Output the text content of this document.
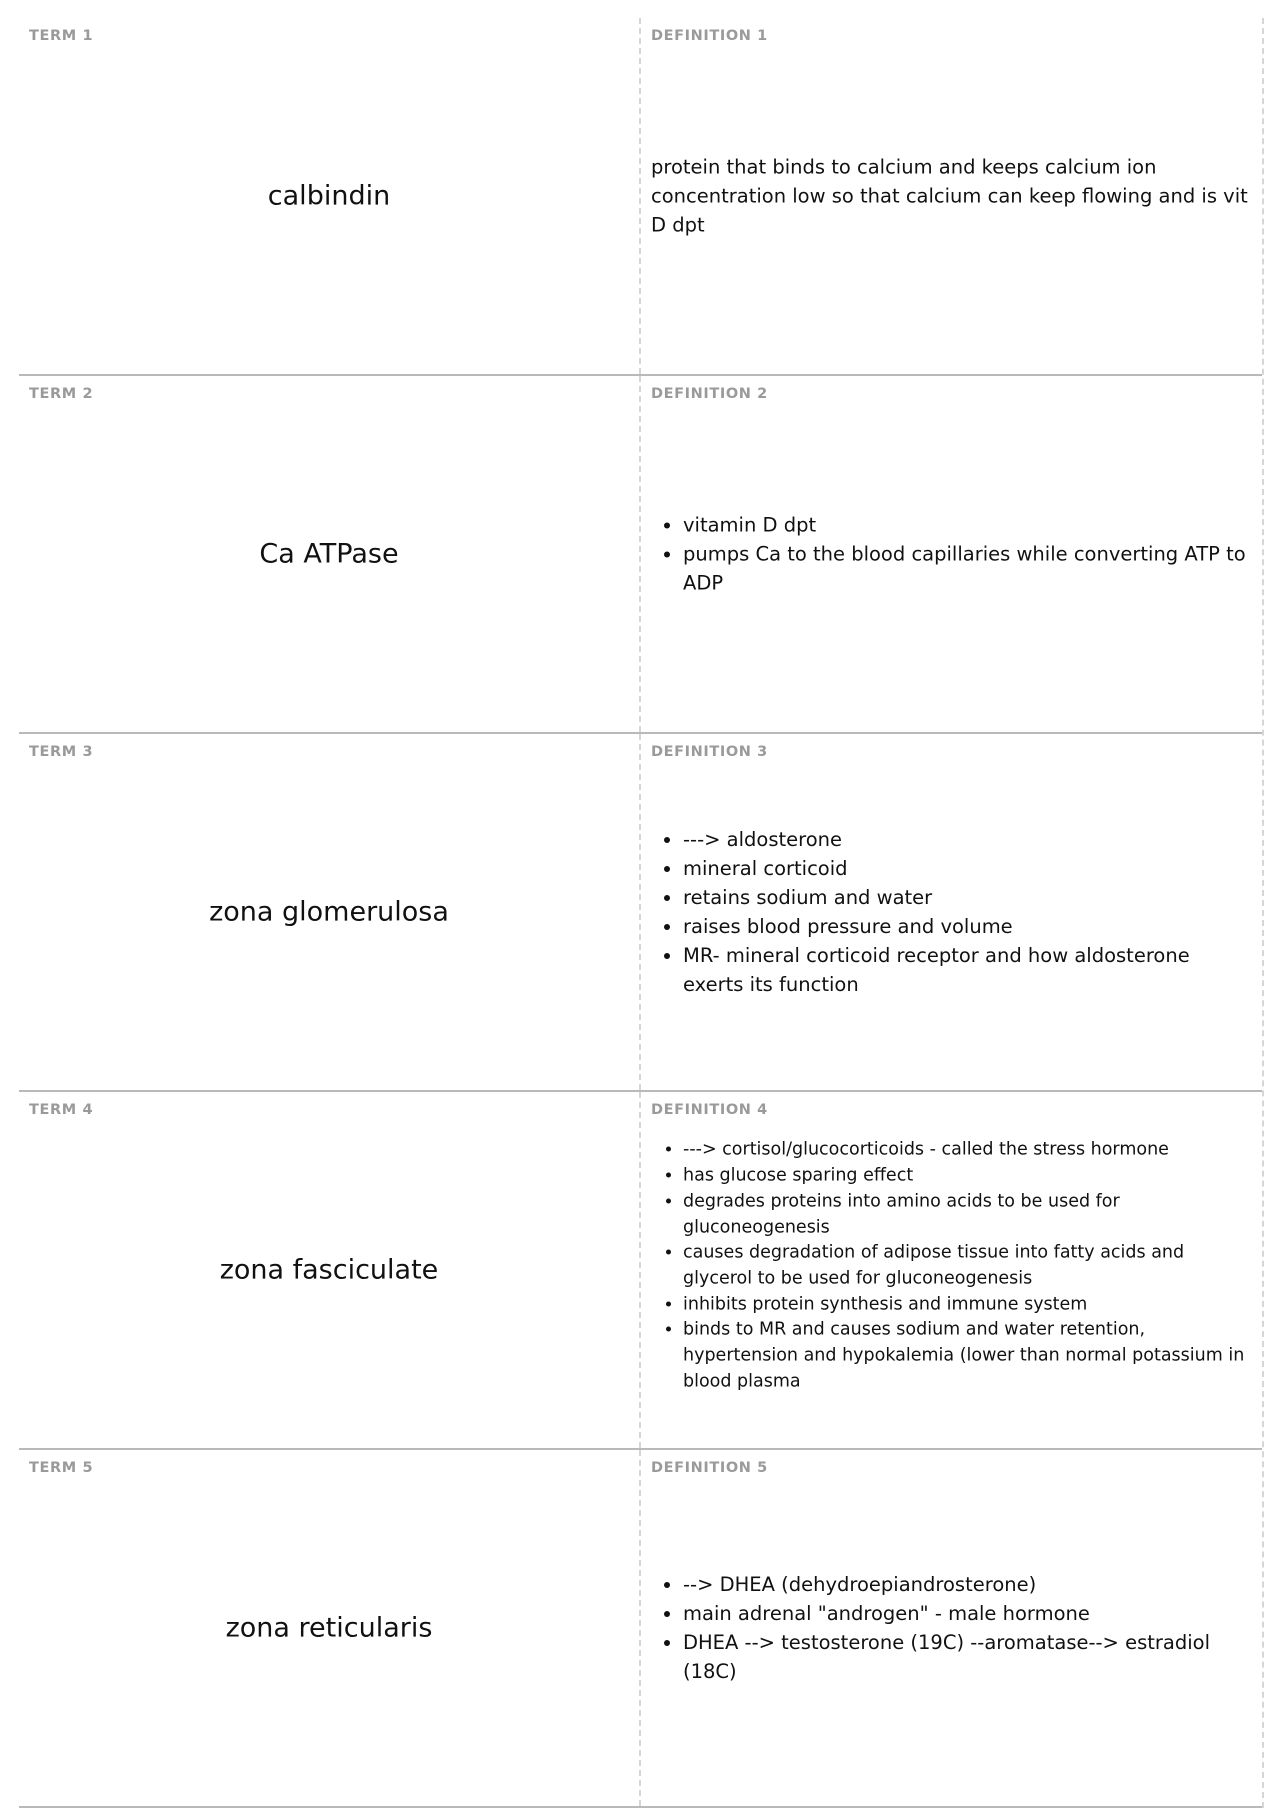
TERM 1
calbindin
DEFINITION 1

protein that binds to calcium and keeps calcium ion concentration low so that calcium can keep flowing and is vit D dpt

TERM 2
Ca ATPase
DEFINITION 2
• vitamin D dpt
• pumps Ca to the blood capillaries while converting ATP to ADP
TERM 3
zona glomerulosa
DEFINITION 3
• ---> aldosterone
• mineral corticoid
• retains sodium and water
• raises blood pressure and volume
• MR- mineral corticoid receptor and how aldosterone exerts its function
TERM 4
zona fasciculate
DEFINITION 4
• ---> cortisol/glucocorticoids - called the stress hormone
• has glucose sparing effect
• degrades proteins into amino acids to be used for gluconeogenesis
• causes degradation of adipose tissue into fatty acids and glycerol to be used for gluconeogenesis
• inhibits protein synthesis and immune system
• binds to MR and causes sodium and water retention, hypertension and hypokalemia (lower than normal potassium in blood plasma
TERM 5
zona reticularis
DEFINITION 5
• --> DHEA (dehydroepiandrosterone)
• main adrenal "androgen" - male hormone
• DHEA --> testosterone (19C) --aromatase--> estradiol (18C)
